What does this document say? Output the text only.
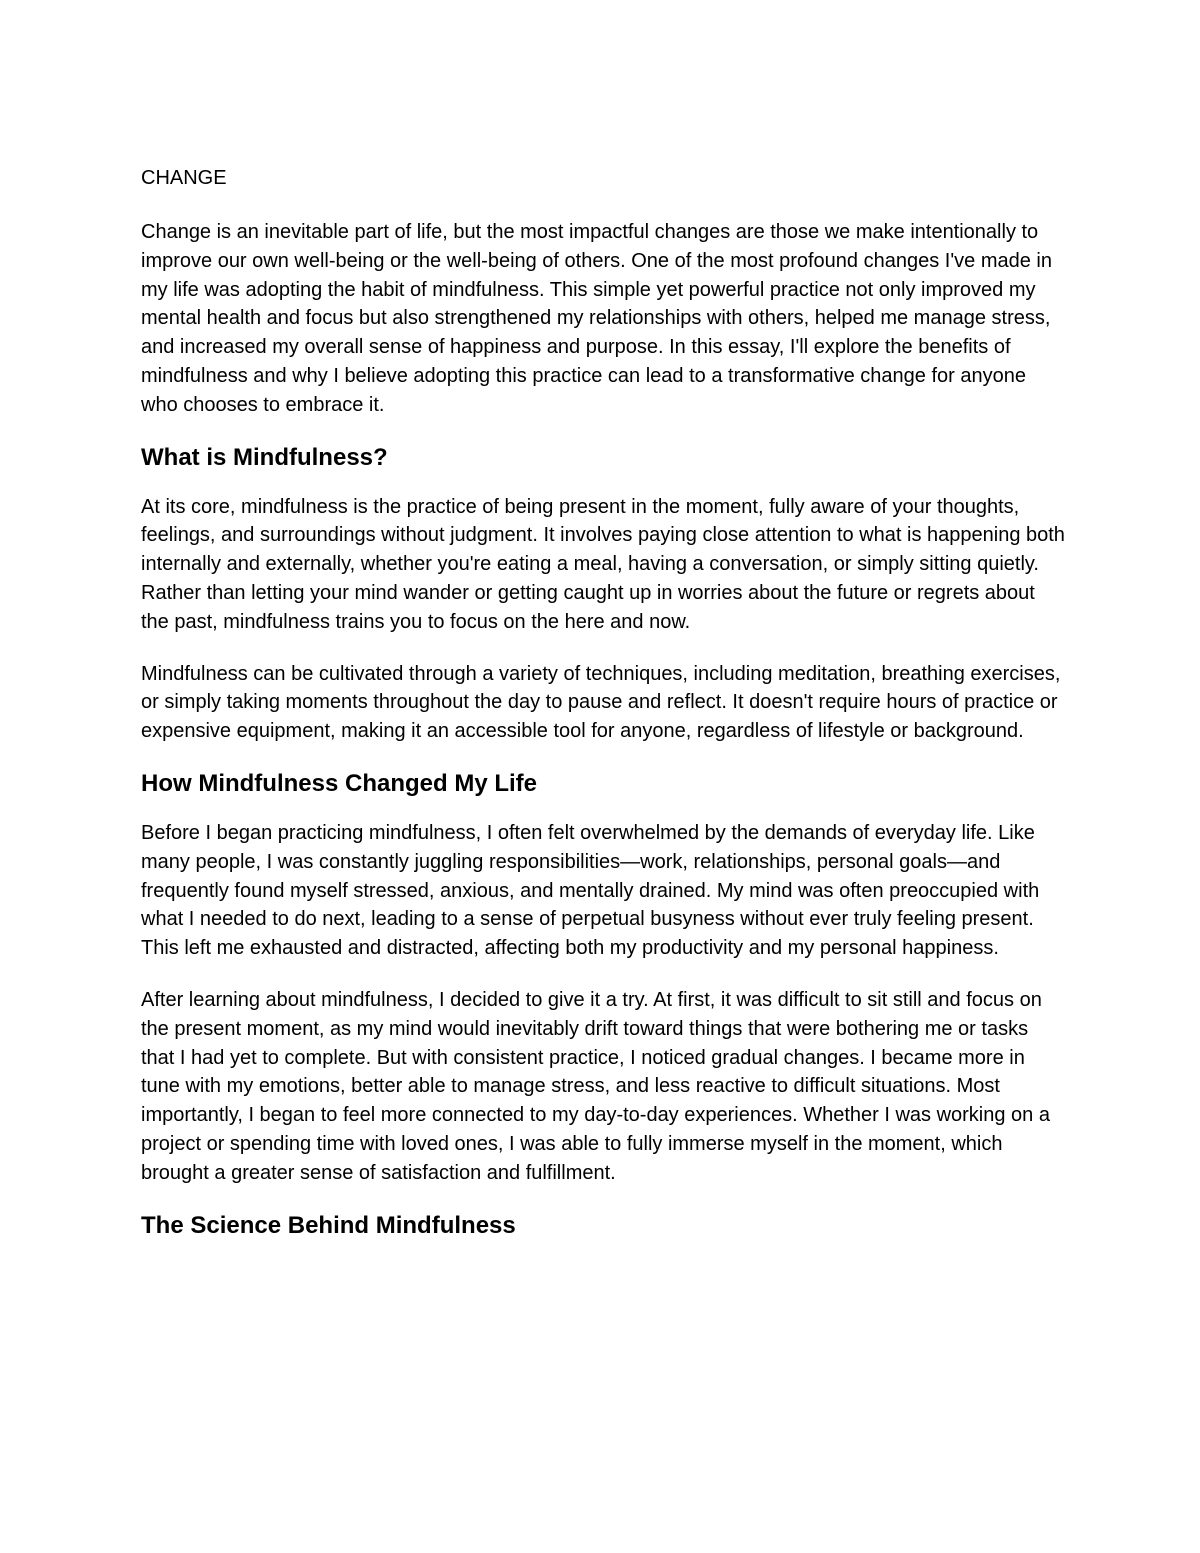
CHANGE

Change is an inevitable part of life, but the most impactful changes are those we make intentionally to improve our own well-being or the well-being of others. One of the most profound changes I've made in my life was adopting the habit of mindfulness. This simple yet powerful practice not only improved my mental health and focus but also strengthened my relationships with others, helped me manage stress, and increased my overall sense of happiness and purpose. In this essay, I'll explore the benefits of mindfulness and why I believe adopting this practice can lead to a transformative change for anyone who chooses to embrace it.

What is Mindfulness?

At its core, mindfulness is the practice of being present in the moment, fully aware of your thoughts, feelings, and surroundings without judgment. It involves paying close attention to what is happening both internally and externally, whether you're eating a meal, having a conversation, or simply sitting quietly. Rather than letting your mind wander or getting caught up in worries about the future or regrets about the past, mindfulness trains you to focus on the here and now.

Mindfulness can be cultivated through a variety of techniques, including meditation, breathing exercises, or simply taking moments throughout the day to pause and reflect. It doesn't require hours of practice or expensive equipment, making it an accessible tool for anyone, regardless of lifestyle or background.

How Mindfulness Changed My Life

Before I began practicing mindfulness, I often felt overwhelmed by the demands of everyday life. Like many people, I was constantly juggling responsibilities—work, relationships, personal goals—and frequently found myself stressed, anxious, and mentally drained. My mind was often preoccupied with what I needed to do next, leading to a sense of perpetual busyness without ever truly feeling present. This left me exhausted and distracted, affecting both my productivity and my personal happiness.

After learning about mindfulness, I decided to give it a try. At first, it was difficult to sit still and focus on the present moment, as my mind would inevitably drift toward things that were bothering me or tasks that I had yet to complete. But with consistent practice, I noticed gradual changes. I became more in tune with my emotions, better able to manage stress, and less reactive to difficult situations. Most importantly, I began to feel more connected to my day-to-day experiences. Whether I was working on a project or spending time with loved ones, I was able to fully immerse myself in the moment, which brought a greater sense of satisfaction and fulfillment.

The Science Behind Mindfulness
